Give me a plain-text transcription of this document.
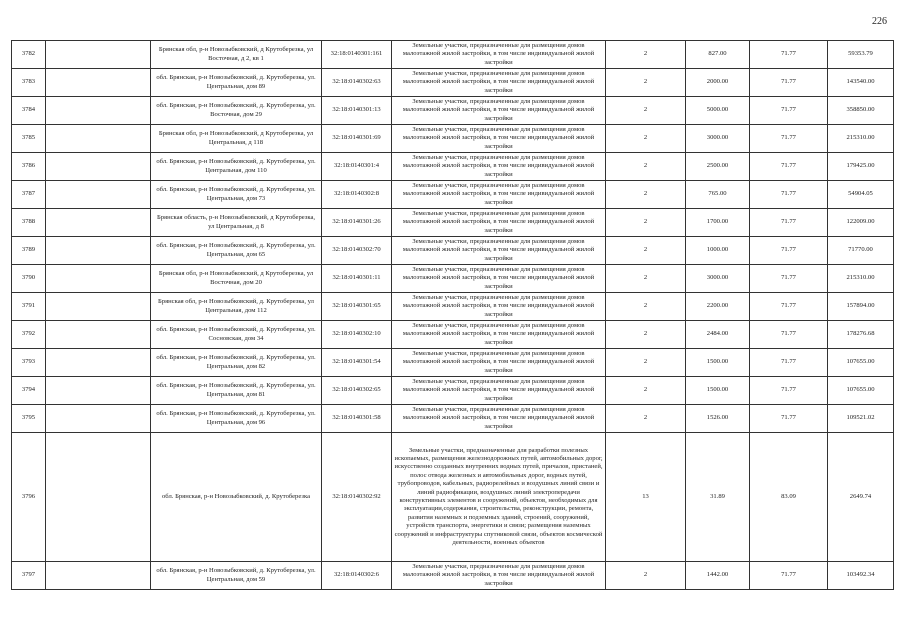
226
3782		Брянская обл, р-н Новозыбковский, д Крутоберезка, ул Восточная, д 2, кв 1	32:18:0140301:161	Земельные участки, предназначенные для размещения домов малоэтажной жилой застройки, в том числе индивидуальной жилой застройки	2	827.00	71.77	59353.79
3783		обл. Брянская, р-н Новозыбковский, д. Крутоберезка, ул. Центральная, дом 89	32:18:0140302:63	Земельные участки, предназначенные для размещения домов малоэтажной жилой застройки, в том числе индивидуальной жилой застройки	2	2000.00	71.77	143540.00
3784		обл. Брянская, р-н Новозыбковский, д. Крутоберезка, ул. Восточная, дом 29	32:18:0140301:13	Земельные участки, предназначенные для размещения домов малоэтажной жилой застройки, в том числе индивидуальной жилой застройки	2	5000.00	71.77	358850.00
3785		Брянская обл, р-н Новозыбковский, д Крутоберезка, ул Центральная, д 118	32:18:0140301:69	Земельные участки, предназначенные для размещения домов малоэтажной жилой застройки, в том числе индивидуальной жилой застройки	2	3000.00	71.77	215310.00
3786		обл. Брянская, р-н Новозыбковский, д. Крутоберезка, ул. Центральная, дом 110	32:18:0140301:4	Земельные участки, предназначенные для размещения домов малоэтажной жилой застройки, в том числе индивидуальной жилой застройки	2	2500.00	71.77	179425.00
3787		обл. Брянская, р-н Новозыбковский, д. Крутоберезка, ул. Центральная, дом 73	32:18:0140302:8	Земельные участки, предназначенные для размещения домов малоэтажной жилой застройки, в том числе индивидуальной жилой застройки	2	765.00	71.77	54904.05
3788		Брянская область, р-н Новозыбковский, д Крутоберезка, ул Центральная, д 8	32:18:0140301:26	Земельные участки, предназначенные для размещения домов малоэтажной жилой застройки, в том числе индивидуальной жилой застройки	2	1700.00	71.77	122009.00
3789		обл. Брянская, р-н Новозыбковский, д. Крутоберезка, ул. Центральная, дом 65	32:18:0140302:70	Земельные участки, предназначенные для размещения домов малоэтажной жилой застройки, в том числе индивидуальной жилой застройки	2	1000.00	71.77	71770.00
3790		Брянская обл, р-н Новозыбковский, д Крутоберезка, ул Восточная, дом 20	32:18:0140301:11	Земельные участки, предназначенные для размещения домов малоэтажной жилой застройки, в том числе индивидуальной жилой застройки	2	3000.00	71.77	215310.00
3791		Брянская обл, р-н Новозыбковский, д. Крутоберезка, ул Центральная, дом 112	32:18:0140301:65	Земельные участки, предназначенные для размещения домов малоэтажной жилой застройки, в том числе индивидуальной жилой застройки	2	2200.00	71.77	157894.00
3792		обл. Брянская, р-н Новозыбковский, д. Крутоберезка, ул. Сосновская, дом 34	32:18:0140302:10	Земельные участки, предназначенные для размещения домов малоэтажной жилой застройки, в том числе индивидуальной жилой застройки	2	2484.00	71.77	178276.68
3793		обл. Брянская, р-н Новозыбковский, д. Крутоберезка, ул. Центральная, дом 82	32:18:0140301:54	Земельные участки, предназначенные для размещения домов малоэтажной жилой застройки, в том числе индивидуальной жилой застройки	2	1500.00	71.77	107655.00
3794		обл. Брянская, р-н Новозыбковский, д. Крутоберезка, ул. Центральная, дом 81	32:18:0140302:65	Земельные участки, предназначенные для размещения домов малоэтажной жилой застройки, в том числе индивидуальной жилой застройки	2	1500.00	71.77	107655.00
3795		обл. Брянская, р-н Новозыбковский, д. Крутоберезка, ул. Центральная, дом 96	32:18:0140301:58	Земельные участки, предназначенные для размещения домов малоэтажной жилой застройки, в том числе индивидуальной жилой застройки	2	1526.00	71.77	109521.02
3796		обл. Брянская, р-н Новозыбковский, д. Крутоберезка	32:18:0140302:92	Земельные участки, предназначенные для разработки полезных ископаемых, размещения железнодорожных путей, автомобильных дорог, искусственно созданных внутренних водных путей, причалов, пристаней, полос отвода железных и автомобильных дорог, водных путей, трубопроводов, кабельных, радиорелейных и воздушных линий связи и линий радиофикации, воздушных линий электропередачи конструктивных элементов и сооружений, объектов, необходимых для эксплуатации,содержания, строительства, реконструкции, ремонта, развития наземных и подземных зданий, строений, сооружений, устройств транспорта, энергетики и связи; размещения наземных сооружений и инфраструктуры спутниковой связи, объектов космической деятельности, военных объектов	13	31.89	83.09	2649.74
3797		обл. Брянская, р-н Новозыбковский, д. Крутоберезка, ул. Центральная, дом 59	32:18:0140302:6	Земельные участки, предназначенные для размещения домов малоэтажной жилой застройки, в том числе индивидуальной жилой застройки	2	1442.00	71.77	103492.34
